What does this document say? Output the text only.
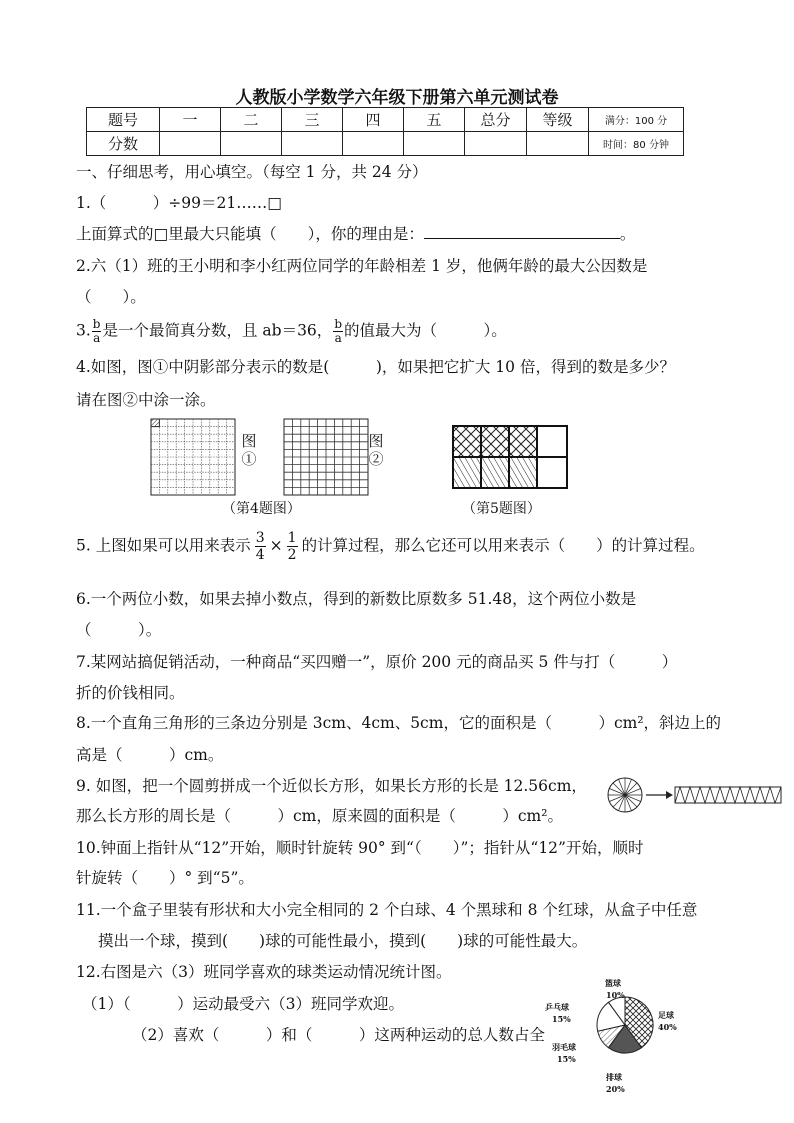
人教版小学数学六年级下册第六单元测试卷
题号	一	二	三	四	五	总分	等级	满分：100 分
分数								时间：80 分钟
一、仔细思考，用心填空。（每空 1 分，共 24 分）
1.（　　　）÷99＝21……□
上面算式的□里最大只能填（　　），你的理由是：	。
2.六（1）班的王小明和李小红两位同学的年龄相差 1 岁，他俩年龄的最大公因数是
（　　）。
3. $\frac{b}{a}$ 是一个最简真分数，且 ab＝36， $\frac{b}{a}$ 的值最大为（　　　）。
4.如图，图①中阴影部分表示的数是(　　　)，如果把它扩大 10 倍，得到的数是多少？
请在图②中涂一涂。
图①
图②
（第4题图）	（第5题图）
5. 上图如果可以用来表示 $\frac{3}{4} \times \frac{1}{2}$ 的计算过程，那么它还可以用来表示（　　）的计算过程。
6.一个两位小数，如果去掉小数点，得到的新数比原数多 51.48，这个两位小数是
（　　　）。
7.某网站搞促销活动，一种商品“买四赠一”，原价 200 元的商品买 5 件与打（　　　）
折的价钱相同。
8.一个直角三角形的三条边分别是 3cm、4cm、5cm，它的面积是（　　　）cm²，斜边上的
高是（　　　）cm。
9. 如图，把一个圆剪拼成一个近似长方形，如果长方形的长是 12.56cm，
那么长方形的周长是（　　　）cm，原来圆的面积是（　　　）cm²。
10.钟面上指针从“12”开始，顺时针旋转 90° 到“（　　）”；指针从“12”开始，顺时
针旋转（　　）° 到“5”。
11.一个盒子里装有形状和大小完全相同的 2 个白球、4 个黑球和 8 个红球，从盒子中任意
摸出一个球，摸到(　　)球的可能性最小，摸到(　　)球的可能性最大。
12.右图是六（3）班同学喜欢的球类运动情况统计图。
（1）（　　　）运动最受六（3）班同学欢迎。
（2）喜欢（　　　）和（　　　）这两种运动的总人数占全
篮球
10%
乒乓球
15%	足球
40%
羽毛球
15%
排球
20%
